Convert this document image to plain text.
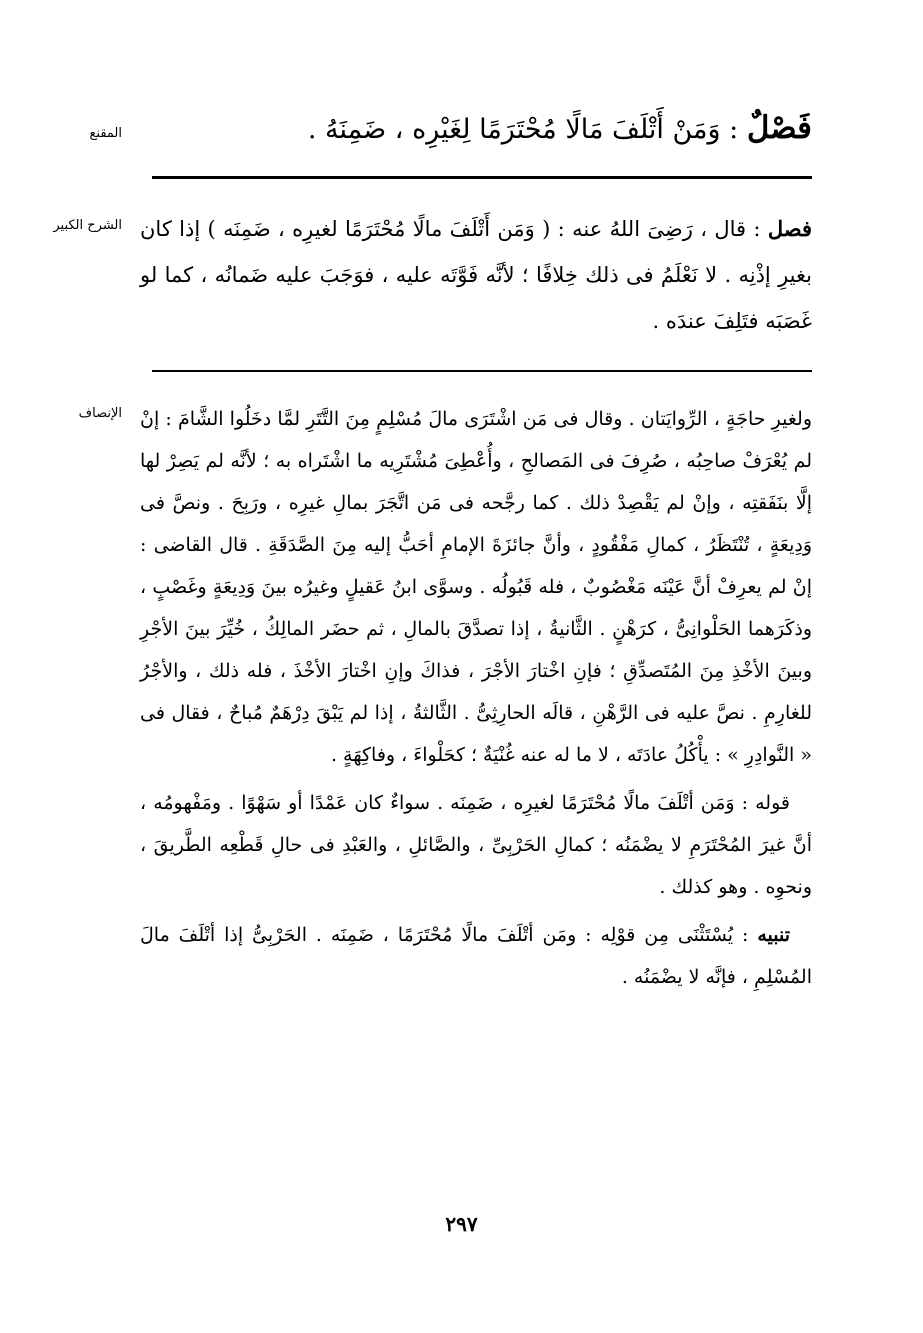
المقنع	فَصْلٌ : وَمَنْ أَتْلَفَ مَالًا مُحْتَرَمًا لِغَيْرِه ، ضَمِنَهُ .
الشرح الكبير	فصل : قال ، رَضِىَ اللهُ عنه : ( وَمَن أَتْلَفَ مالًا مُحْتَرَمًا لغيرِه ، ضَمِنَه ) إذا كان بغيرِ إذْنِه . لا نَعْلَمُ فى ذلك خِلافًا ؛ لأنَّه فَوَّتَه عليه ، فوَجَبَ عليه ضَمانُه ، كما لو غَصَبَه فتَلِفَ عندَه .
الإنصاف ولغيرِ حاجَةٍ ، الرِّوايَتان . وقال فى مَن اشْتَرَى مالَ مُسْلِمٍ مِنَ التَّتَرِ لمَّا دخَلُوا الشَّامَ : إنْ لم يُعْرَفْ صاحِبُه ، صُرِفَ فى المَصالحِ ، وأُعْطِىَ مُشْتَرِيه ما اشْتَراه به ؛ لأنَّه لم يَصِرْ لها إلَّا بنَفَقتِه ، وإنْ لم يَقْصِدْ ذلك . كما رجَّحه فى مَن اتَّجَرَ بمالِ غيرِه ، ورَبِحَ . ونصَّ فى وَدِيعَةٍ ، تُنْتَظَرُ ، كمالِ مَفْقُودٍ ، وأنَّ جائزَةَ الإمامِ أحَبُّ إليه مِنَ الصَّدَقَةِ . قال القاضى : إنْ لم يعرِفْ أنَّ عَيْنَه مَغْصُوبٌ ، فله قَبُولُه . وسوَّى ابنُ عَقيلٍ وغيرُه بينَ وَدِيعَةٍ وغَصْبٍ ، وذكَرَهما الحَلْوانِىُّ ، كرَهْنٍ . الثَّانيةُ ، إذا تصدَّقَ بالمالِ ، ثم حضَر المالِكُ ، خُيِّرَ بينَ الأجْرِ وبينَ الأخْذِ مِنَ المُتَصدِّقِ ؛ فإنِ اخْتارَ الأجْرَ ، فذاكَ وإنِ اخْتارَ الأخْذَ ، فله ذلك ، والأجْرُ للغارِمِ . نصَّ عليه فى الرَّهْنِ ، قالَه الحارِثِىُّ . الثَّالثةُ ، إذا لم يَبْقَ دِرْهَمٌ مُباحٌ ، فقال فى « النَّوادِرِ » : يأْكُلُ عادَتَه ، لا ما له عنه غُنْيَةٌ ؛ كحَلْواءَ ، وفاكِهَةٍ .

قوله : وَمَن أتْلَفَ مالًا مُحْتَرَمًا لغيرِه ، ضَمِنَه . سواءٌ كان عَمْدًا أو سَهْوًا . ومَفْهومُه ، أنَّ غيرَ المُحْتَرَمِ لا يضْمَنُه ؛ كمالِ الحَرْبِىِّ ، والصَّائلِ ، والعَبْدِ فى حالِ قَطْعِه الطَّريقَ ، ونحوِه . وهو كذلك .

تنبيه : يُسْتَثْنَى مِن قوْلِه : ومَن أتْلَفَ مالًا مُحْتَرَمًا ، ضَمِنَه . الحَرْبِىُّ إذا أتْلَفَ مالَ المُسْلِمِ ، فإنَّه لا يضْمَنُه .

٢٩٧
